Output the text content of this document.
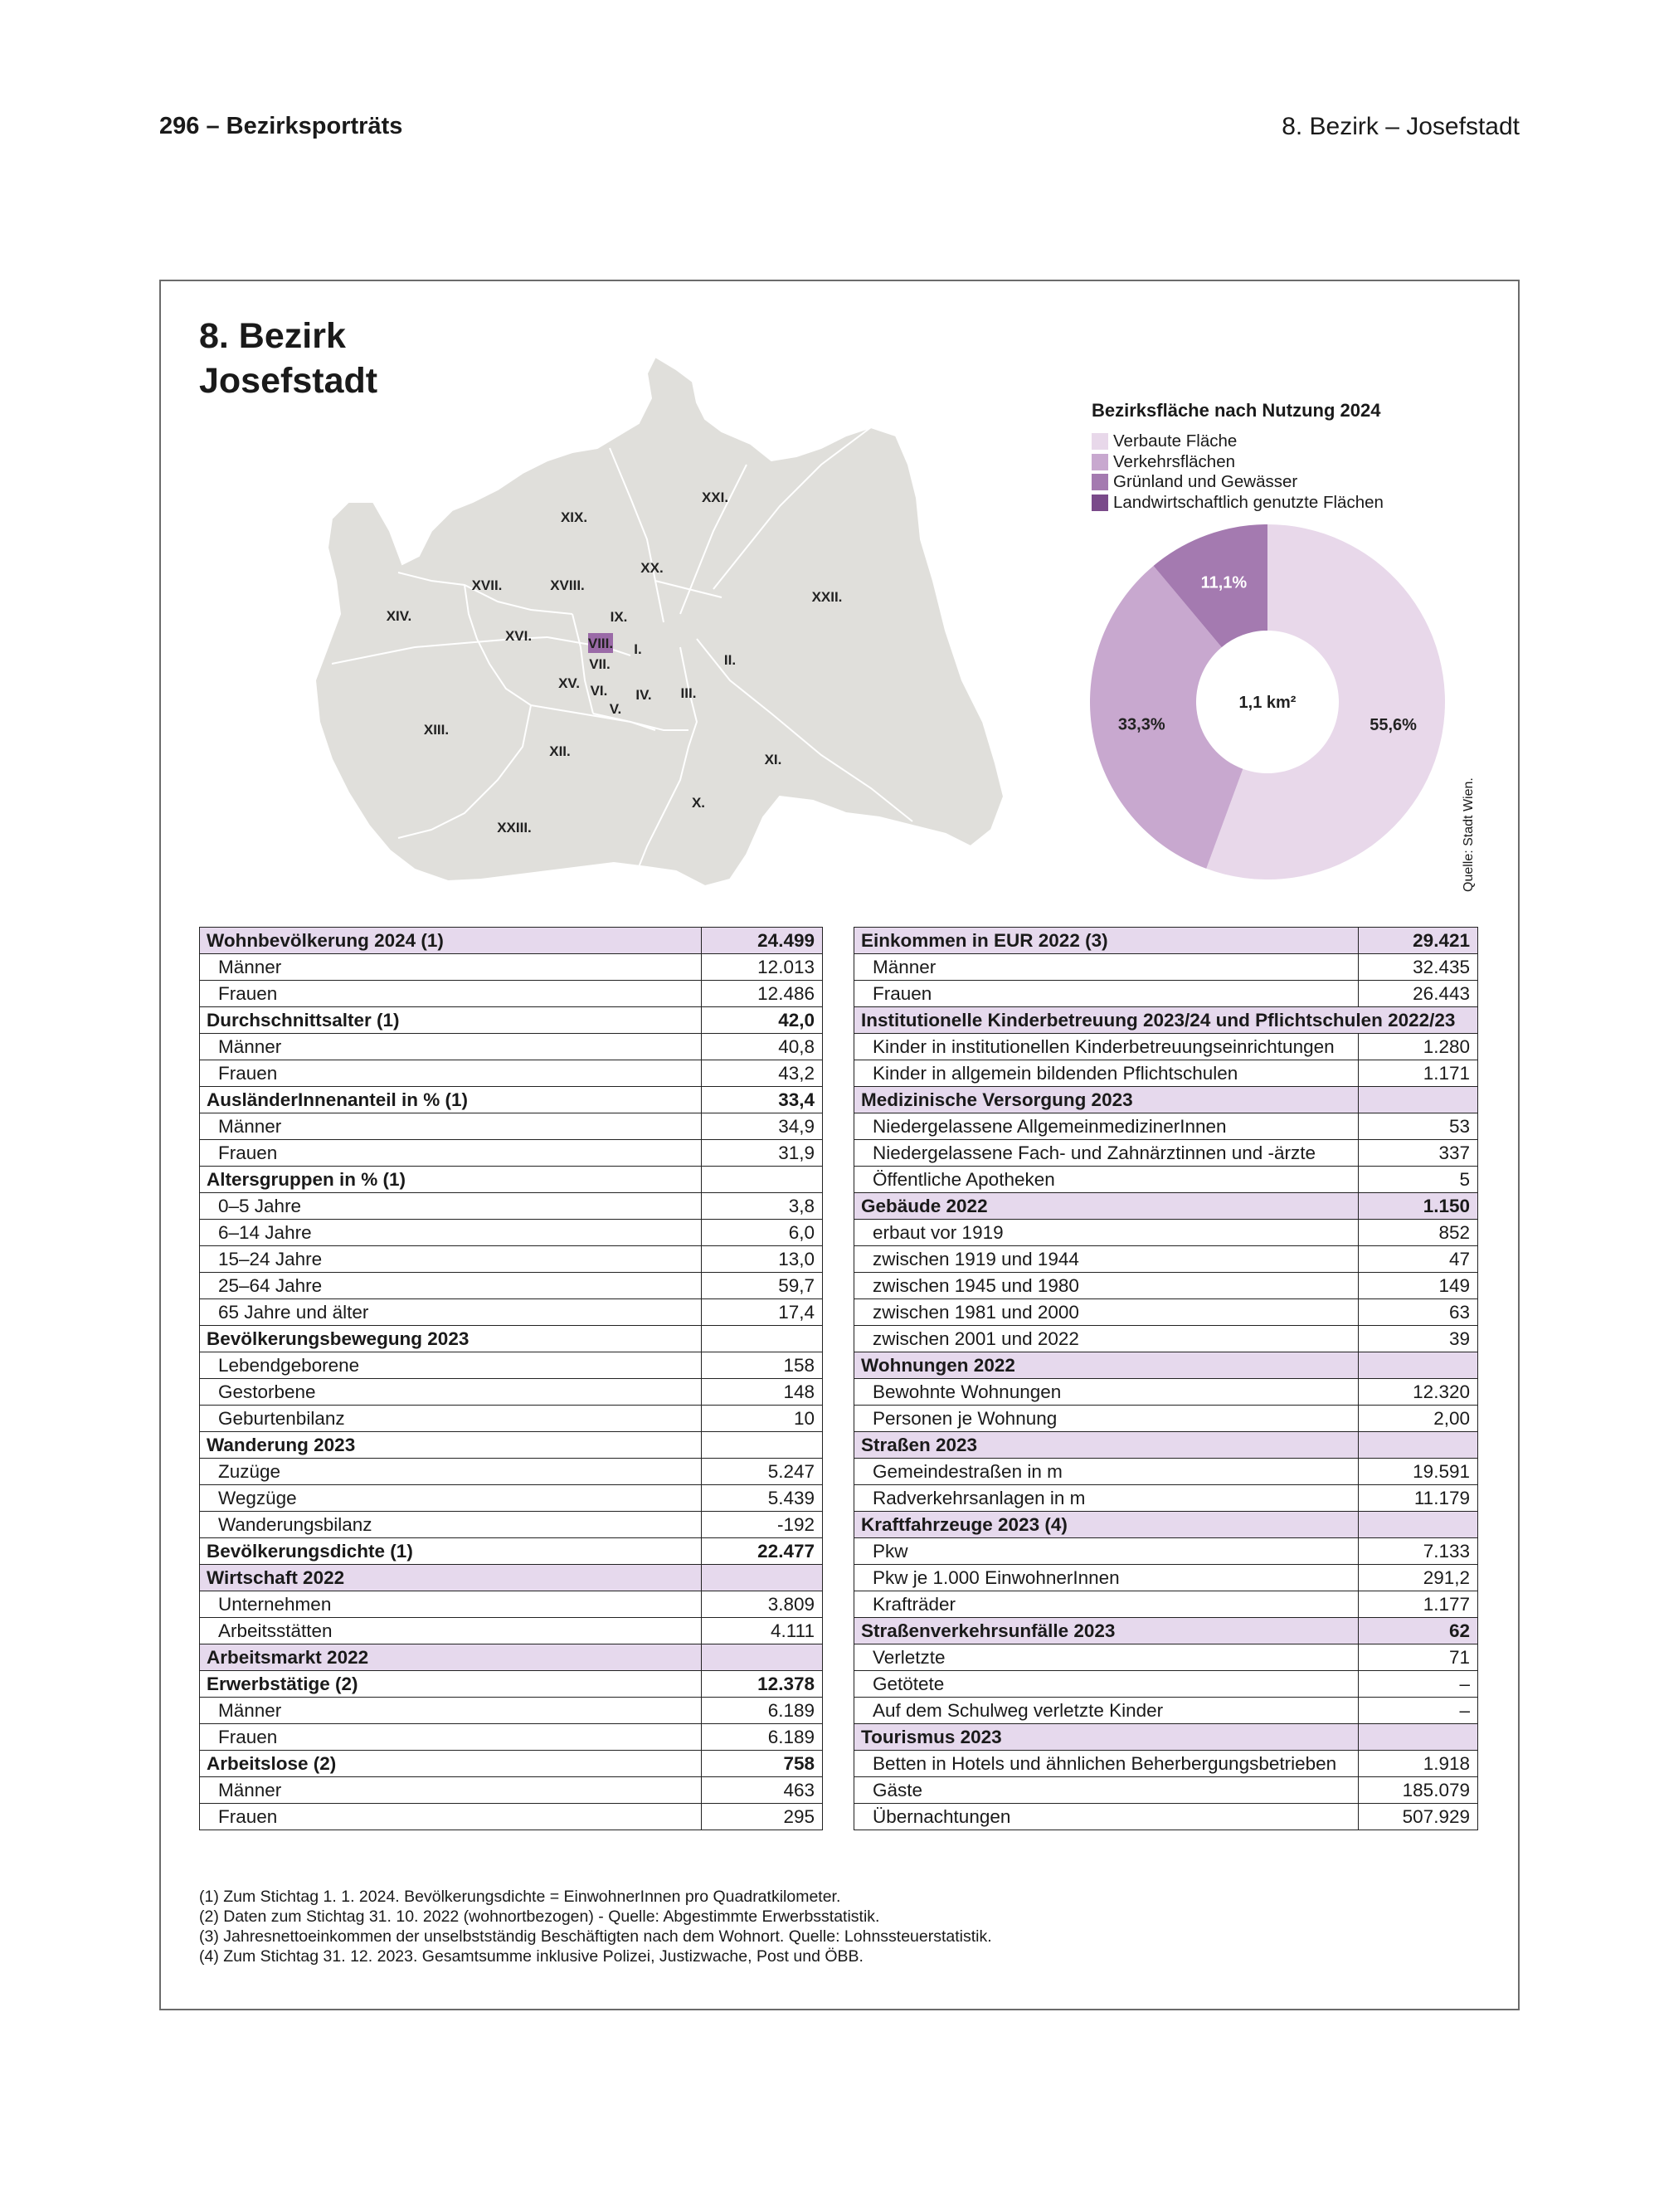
296 – Bezirksporträts	8. Bezirk – Josefstadt
8. Bezirk
Josefstadt
XXI.
XIX.
XX.
XVIII.
XVII.
XXII.
XIV.	IX.
XVI.	VIII. I.
II.
VII.
XV. VI. IV. III.
V.
XIII.
XII.
XI.
X.
XXIII.
Bezirksfläche nach Nutzung 2024
Verbaute Fläche
Verkehrsflächen
Grünland und Gewässer
Landwirtschaftlich genutzte Flächen
55,6%
33,3%
11,1%
1,1 km²
Quelle: Stadt Wien.
Wohnbevölkerung 2024 (1)	24.499
Männer	12.013
Frauen	12.486
Durchschnittsalter (1)	42,0
Männer	40,8
Frauen	43,2
AusländerInnenanteil in % (1)	33,4
Männer	34,9
Frauen	31,9
Altersgruppen in % (1)	
0–5 Jahre	3,8
6–14 Jahre	6,0
15–24 Jahre	13,0
25–64 Jahre	59,7
65 Jahre und älter	17,4
Bevölkerungsbewegung 2023	
Lebendgeborene	158
Gestorbene	148
Geburtenbilanz	10
Wanderung 2023	
Zuzüge	5.247
Wegzüge	5.439
Wanderungsbilanz	-192
Bevölkerungsdichte (1)	22.477
Wirtschaft 2022	
Unternehmen	3.809
Arbeitsstätten	4.111
Arbeitsmarkt 2022	
Erwerbstätige (2)	12.378
Männer	6.189
Frauen	6.189
Arbeitslose (2)	758
Männer	463
Frauen	295
Einkommen in EUR 2022 (3)	29.421
Männer	32.435
Frauen	26.443
Institutionelle Kinderbetreuung 2023/24 und Pflichtschulen 2022/23	
Kinder in institutionellen Kinderbetreuungseinrichtungen	1.280
Kinder in allgemein bildenden Pflichtschulen	1.171
Medizinische Versorgung 2023	
Niedergelassene AllgemeinmedizinerInnen	53
Niedergelassene Fach- und Zahnärztinnen und -ärzte	337
Öffentliche Apotheken	5
Gebäude 2022	1.150
erbaut vor 1919	852
zwischen 1919 und 1944	47
zwischen 1945 und 1980	149
zwischen 1981 und 2000	63
zwischen 2001 und 2022	39
Wohnungen 2022	
Bewohnte Wohnungen	12.320
Personen je Wohnung	2,00
Straßen 2023	
Gemeindestraßen in m	19.591
Radverkehrsanlagen in m	11.179
Kraftfahrzeuge 2023 (4)	
Pkw	7.133
Pkw je 1.000 EinwohnerInnen	291,2
Krafträder	1.177
Straßenverkehrsunfälle 2023	62
Verletzte	71
Getötete	–
Auf dem Schulweg verletzte Kinder	–
Tourismus 2023	
Betten in Hotels und ähnlichen Beherbergungsbetrieben	1.918
Gäste	185.079
Übernachtungen	507.929
(1) Zum Stichtag 1. 1. 2024. Bevölkerungsdichte = EinwohnerInnen pro Quadratkilometer.
(2) Daten zum Stichtag 31. 10. 2022 (wohnortbezogen) - Quelle: Abgestimmte Erwerbsstatistik.
(3) Jahresnettoeinkommen der unselbstständig Beschäftigten nach dem Wohnort. Quelle: Lohnssteuerstatistik.
(4) Zum Stichtag 31. 12. 2023. Gesamtsumme inklusive Polizei, Justizwache, Post und ÖBB.
